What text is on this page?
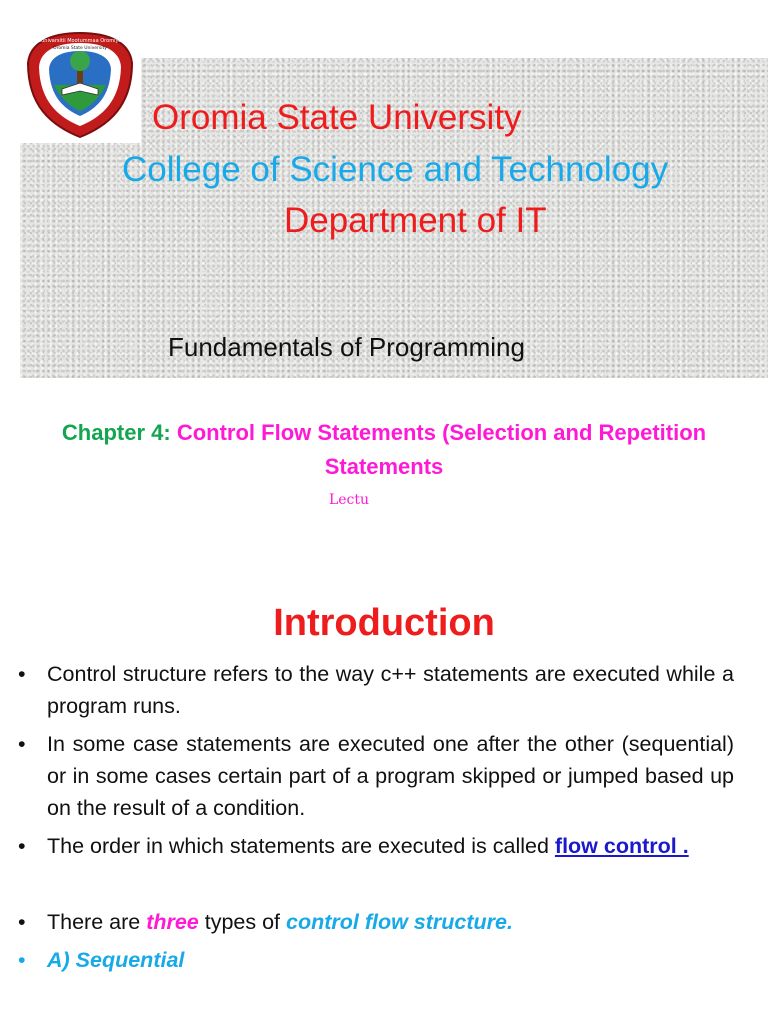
Yuunivarsitii Mootummaa Oromiyaa
Oromia State University
Oromia State University
College of Science and Technology
Department of IT
Fundamentals of Programming
Chapter 4: Control Flow Statements (Selection and Repetition Statements
Lectu
Introduction
• Control structure refers to the way c++ statements are executed while a program runs.
• In some case statements are executed one after the other (sequential) or in some cases certain part of a program skipped or jumped based up on the result of a condition.
• The order in which statements are executed is called flow control .
• There are three types of control flow structure.
• A) Sequential
